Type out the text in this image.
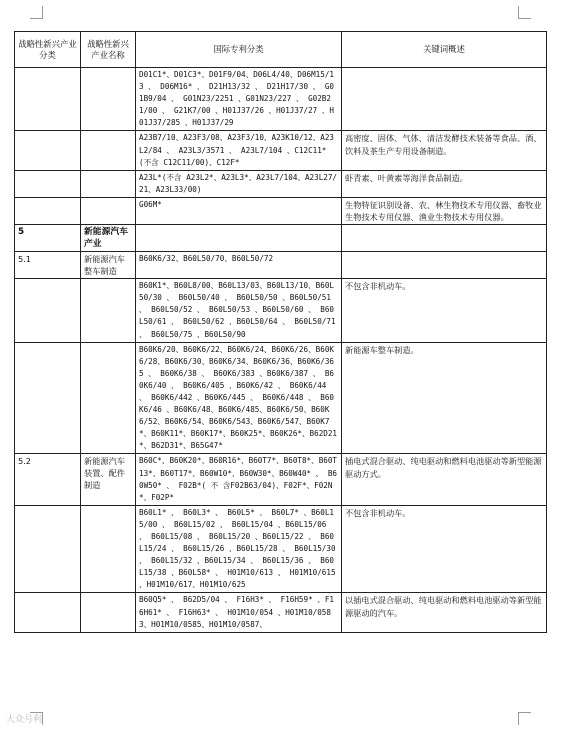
战略性新兴产业分类	战略性新兴产业名称	国际专利分类	关键词概述
		D01C1*、D01C3*、D01F9/04、D06L4/40、D06M15/13 、 D06M16* 、 D21H13/32 、 D21H17/30 、 G01B9/04 、 G01N23/2251 、G01N23/227 、 G02B21/00 、 G21K7/00 、H01J37/26 、H01J37/27 、H01J37/285 、H01J37/29	
		A23B7/10、A23F3/08、A23F3/10、A23K10/12、A23L2/84 、 A23L3/3571 、 A23L7/104 、C12C11*(不含 C12C11/00)、C12F*	高密度、固体、气体、清洁发酵技术装备等食品、酒、饮料及茶生产专用设备制造。
		A23L*(不含 A23L2*、A23L3*、A23L7/104、A23L27/21、A23L33/00)	虾青素、叶黄素等海洋食品制造。
		G06M*	生物特征识别设备、农、林生物技术专用仪器、畜牧业生物技术专用仪器、渔业生物技术专用仪器。
5	新能源汽车产业		
5.1	新能源汽车整车制造	B60K6/32、B60L50/70、B60L50/72	
		B60K1*、B60L8/00、B60L13/03、B60L13/10、B60L50/30 、 B60L50/40 、 B60L50/50 、B60L50/51 、 B60L50/52 、 B60L50/53 、B60L50/60 、 B60L50/61 、 B60L50/62 、B60L50/64 、 B60L50/71 、 B60L50/75 、B60L50/90	不包含非机动车。
		B60K6/20、B60K6/22、B60K6/24、B60K6/26、B60K6/28、B60K6/30、B60K6/34、B60K6/36、B60K6/365 、 B60K6/38 、 B60K6/383 、B60K6/387 、 B60K6/40 、 B60K6/405 、B60K6/42 、 B60K6/44 、 B60K6/442 、B60K6/445 、 B60K6/448 、 B60K6/46 、B60K6/48、B60K6/485、B60K6/50、B60K6/52、B60K6/54、B60K6/543、B60K6/547、B60K7*、B60K11*、B60K17*、B60K25*、B60K26*、B62D21*、B62D31*、B65G47*	新能源车整车制造。
5.2	新能源汽车装置、配件制造	B60C*、B60K20*、B60R16*、B60T7*、B60T8*、B60T13*、B60T17*、B60W10*、B60W30*、B60W40* 、 B60W50* 、 F02B*( 不 含F02B63/04)、F02F*、F02N*、F02P*	插电式混合驱动、纯电驱动和燃料电池驱动等新型能源驱动方式。
		B60L1* 、 B60L3* 、 B60L5* 、 B60L7* 、B60L15/00 、 B60L15/02 、 B60L15/04 、B60L15/06 、 B60L15/08 、 B60L15/20 、B60L15/22 、 B60L15/24 、 B60L15/26 、B60L15/28 、 B60L15/30 、 B60L15/32 、B60L15/34 、 B60L15/36 、 B60L15/38 、B60L58* 、 H01M10/613 、 H01M10/615 、H01M10/617、H01M10/625	不包含非机动车。
		B60Q5* 、 B62D5/04 、 F16H3* 、 F16H59* 、F16H61* 、 F16H63* 、 H01M10/054 、H01M10/0583、H01M10/0585、H01M10/0587、	以插电式混合驱动、纯电驱动和燃料电池驱动等新型能源驱动的汽车。
大众号利
